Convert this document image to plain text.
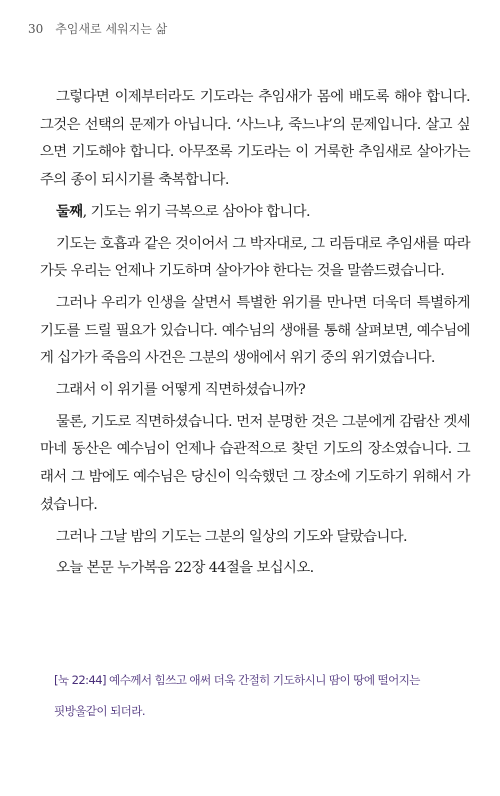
30 추임새로 세워지는 삶

그렇다면 이제부터라도 기도라는 추임새가 몸에 배도록 해야 합니다. 그것은 선택의 문제가 아닙니다. ‘사느냐, 죽느냐’의 문제입니다. 살고 싶으면 기도해야 합니다. 아무쪼록 기도라는 이 거룩한 추임새로 살아가는 주의 종이 되시기를 축복합니다.

둘째, 기도는 위기 극복으로 삼아야 합니다.

기도는 호흡과 같은 것이어서 그 박자대로, 그 리듬대로 추임새를 따라가듯 우리는 언제나 기도하며 살아가야 한다는 것을 말씀드렸습니다.

그러나 우리가 인생을 살면서 특별한 위기를 만나면 더욱더 특별하게 기도를 드릴 필요가 있습니다. 예수님의 생애를 통해 살펴보면, 예수님에게 십가가 죽음의 사건은 그분의 생애에서 위기 중의 위기였습니다.

그래서 이 위기를 어떻게 직면하셨습니까?

물론, 기도로 직면하셨습니다. 먼저 분명한 것은 그분에게 감람산 겟세마네 동산은 예수님이 언제나 습관적으로 찾던 기도의 장소였습니다. 그래서 그 밤에도 예수님은 당신이 익숙했던 그 장소에 기도하기 위해서 가셨습니다.

그러나 그날 밤의 기도는 그분의 일상의 기도와 달랐습니다.

오늘 본문 누가복음 22장 44절을 보십시오.

[눅 22:44] 예수께서 힘쓰고 애써 더욱 간절히 기도하시니 땀이 땅에 떨어지는

핏방울같이 되더라.
